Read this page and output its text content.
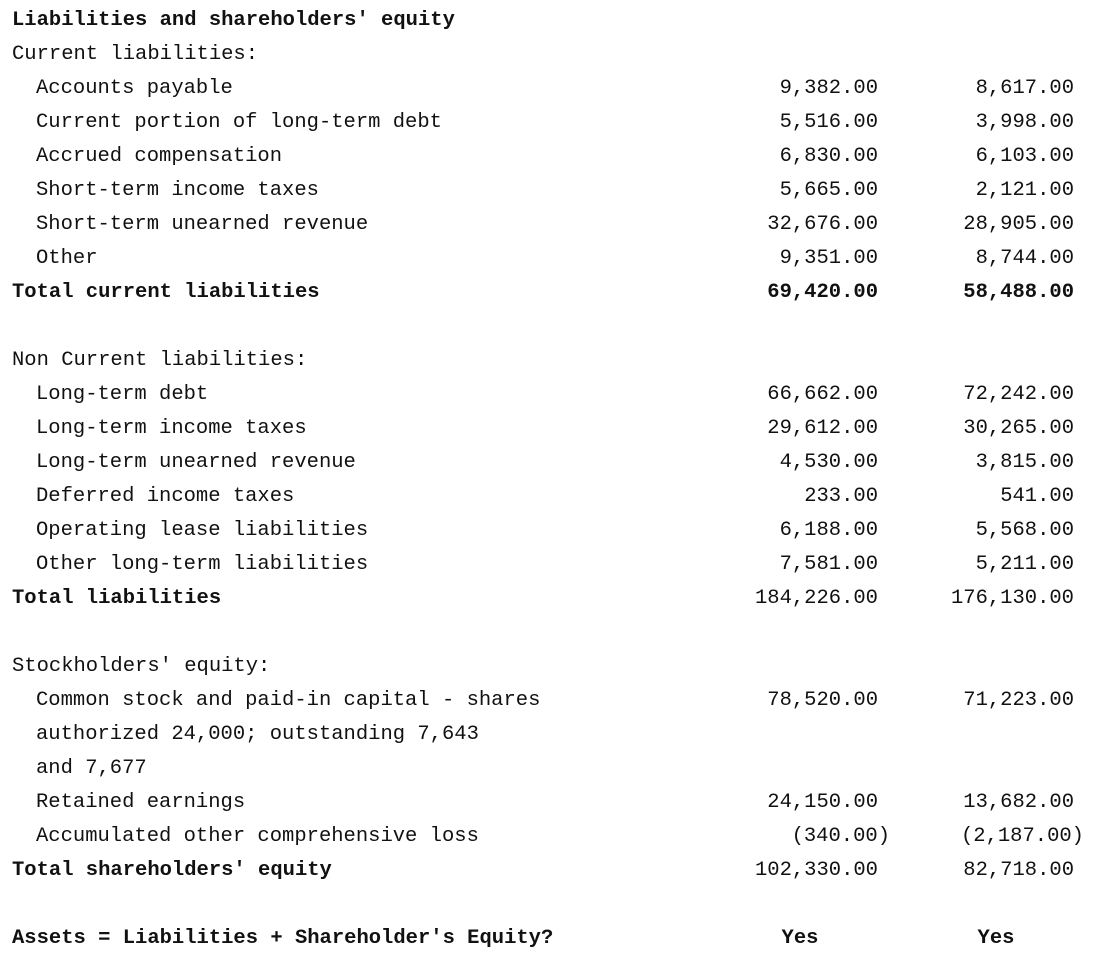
Liabilities and shareholders' equity
Current liabilities:
Accounts payable	9,382.00	8,617.00
Current portion of long-term debt	5,516.00	3,998.00
Accrued compensation	6,830.00	6,103.00
Short-term income taxes	5,665.00	2,121.00
Short-term unearned revenue	32,676.00	28,905.00
Other	9,351.00	8,744.00
Total current liabilities	69,420.00	58,488.00
Non Current liabilities:
Long-term debt	66,662.00	72,242.00
Long-term income taxes	29,612.00	30,265.00
Long-term unearned revenue	4,530.00	3,815.00
Deferred income taxes	233.00	541.00
Operating lease liabilities	6,188.00	5,568.00
Other long-term liabilities	7,581.00	5,211.00
Total liabilities	184,226.00	176,130.00
Stockholders' equity:
Common stock and paid-in capital - shares	78,520.00	71,223.00
authorized 24,000; outstanding 7,643
and 7,677
Retained earnings	24,150.00	13,682.00
Accumulated other comprehensive loss	(340.00)	(2,187.00)
Total shareholders' equity	102,330.00	82,718.00
Assets = Liabilities + Shareholder's Equity?	Yes	Yes
